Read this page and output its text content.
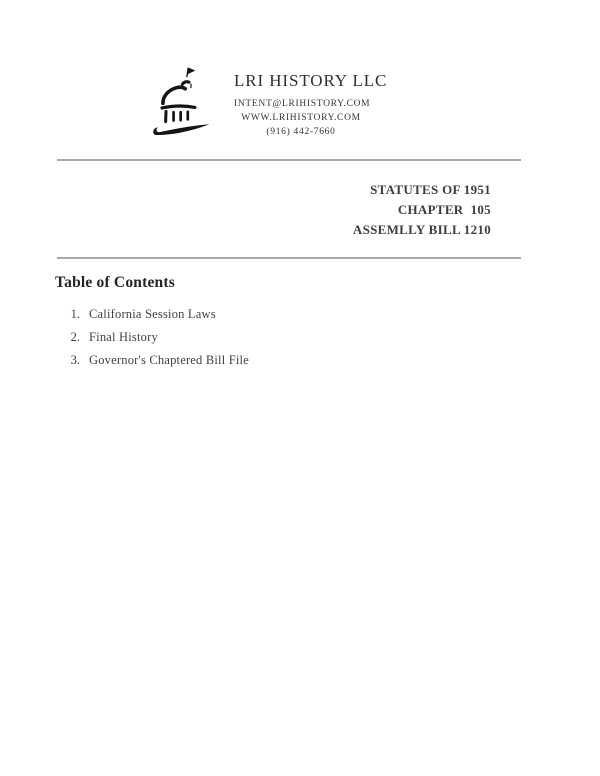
LRI HISTORY LLC
INTENT@LRIHISTORY.COM
WWW.LRIHISTORY.COM
(916) 442-7660
STATUTES OF 1951
CHAPTER  105
ASSEMLLY BILL 1210
Table of Contents
1. California Session Laws
2. Final History
3. Governor's Chaptered Bill File
